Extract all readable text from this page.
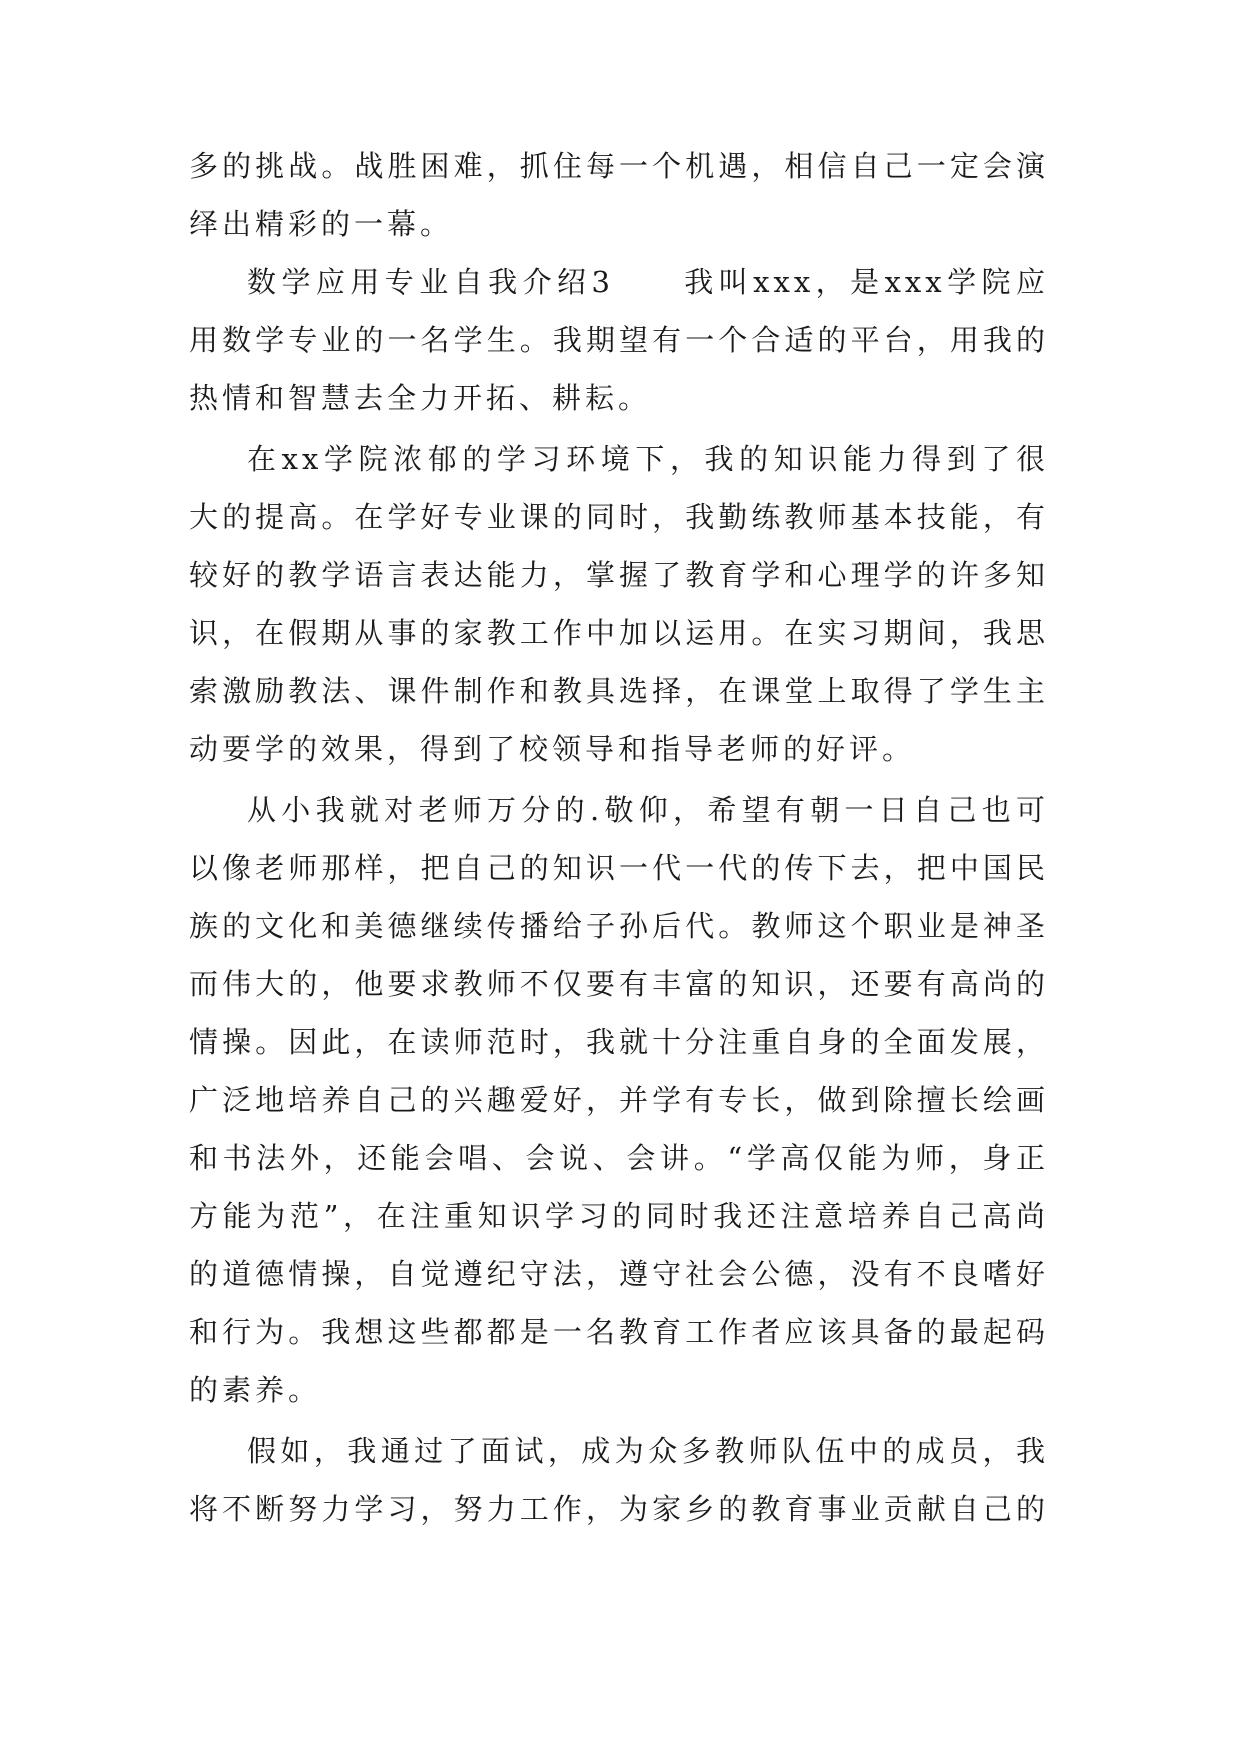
多的挑战。战胜困难，抓住每一个机遇，相信自己一定会演
绎出精彩的一幕。
数学应用专业自我介绍3　　我叫xxx，是xxx学院应
用数学专业的一名学生。我期望有一个合适的平台，用我的
热情和智慧去全力开拓、耕耘。
在xx学院浓郁的学习环境下，我的知识能力得到了很
大的提高。在学好专业课的同时，我勤练教师基本技能，有
较好的教学语言表达能力，掌握了教育学和心理学的许多知
识，在假期从事的家教工作中加以运用。在实习期间，我思
索激励教法、课件制作和教具选择，在课堂上取得了学生主
动要学的效果，得到了校领导和指导老师的好评。
从小我就对老师万分的.敬仰，希望有朝一日自己也可
以像老师那样，把自己的知识一代一代的传下去，把中国民
族的文化和美德继续传播给子孙后代。教师这个职业是神圣
而伟大的，他要求教师不仅要有丰富的知识，还要有高尚的
情操。因此，在读师范时，我就十分注重自身的全面发展，
广泛地培养自己的兴趣爱好，并学有专长，做到除擅长绘画
和书法外，还能会唱、会说、会讲。“学高仅能为师，身正
方能为范”，在注重知识学习的同时我还注意培养自己高尚
的道德情操，自觉遵纪守法，遵守社会公德，没有不良嗜好
和行为。我想这些都都是一名教育工作者应该具备的最起码
的素养。
假如，我通过了面试，成为众多教师队伍中的成员，我
将不断努力学习，努力工作，为家乡的教育事业贡献自己的
